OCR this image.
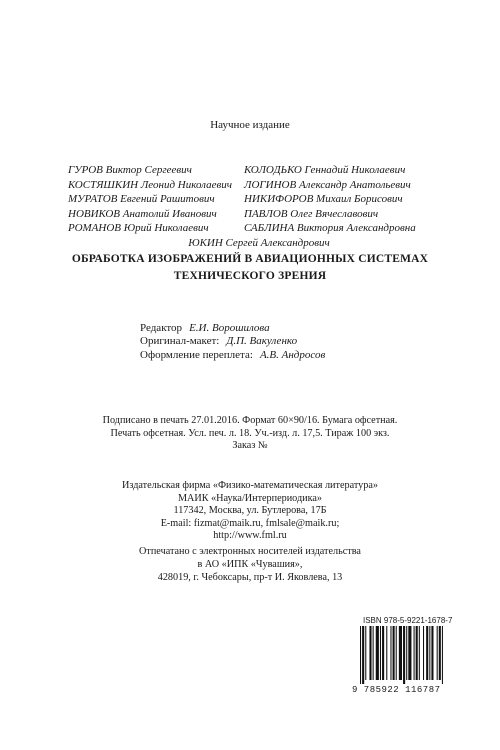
Научное издание
ГУРОВ Виктор Сергеевич	КОЛОДЬКО Геннадий Николаевич
КОСТЯШКИН Леонид Николаевич	ЛОГИНОВ Александр Анатольевич
МУРАТОВ Евгений Рашитович	НИКИФОРОВ Михаил Борисович
НОВИКОВ Анатолий Иванович	ПАВЛОВ Олег Вячеславович
РОМАНОВ Юрий Николаевич	САБЛИНА Виктория Александровна
ЮКИН Сергей Александрович
ОБРАБОТКА ИЗОБРАЖЕНИЙ В АВИАЦИОННЫХ СИСТЕМАХ
ТЕХНИЧЕСКОГО ЗРЕНИЯ
Редактор Е.И. Ворошилова
Оригинал-макет: Д.П. Вакуленко
Оформление переплета: А.В. Андросов
Подписано в печать 27.01.2016. Формат 60×90/16. Бумага офсетная.
Печать офсетная. Усл. печ. л. 18. Уч.-изд. л. 17,5. Тираж 100 экз.
Заказ №
Издательская фирма «Физико-математическая литература»
МАИК «Наука/Интерпериодика»
117342, Москва, ул. Бутлерова, 17Б
E-mail: fizmat@maik.ru, fmlsale@maik.ru;
http://www.fml.ru
Отпечатано с электронных носителей издательства
в АО «ИПК «Чувашия»,
428019, г. Чебоксары, пр-т И. Яковлева, 13
ISBN 978-5-9221-1678-7
9 785922 116787
